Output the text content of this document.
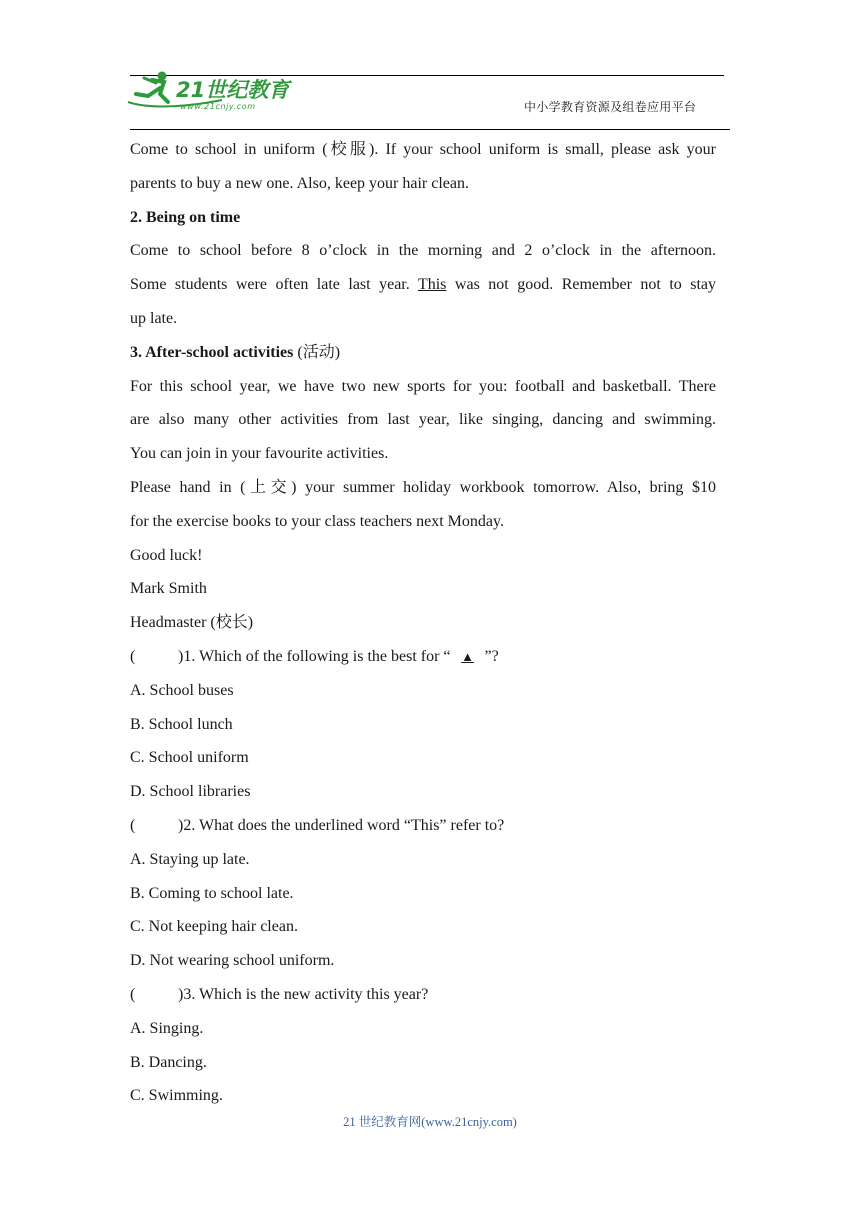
21世纪教育
www.21cnjy.com	中小学教育资源及组卷应用平台
Come to school in uniform (校服). If your school uniform is small, please ask your
parents to buy a new one. Also, keep your hair clean.
2. Being on time
Come to school before 8 o’clock in the morning and 2 o’clock in the afternoon.
Some students were often late last year. This was not good. Remember not to stay
up late.
3. After-school activities (活动)
For this school year, we have two new sports for you: football and basketball. There
are also many other activities from last year, like singing, dancing and swimming.
You can join in your favourite activities.
Please hand in (上交) your summer holiday workbook tomorrow. Also, bring $10
for the exercise books to your class teachers next Monday.
Good luck!
Mark Smith
Headmaster (校长)
(	)1. Which of the following is the best for “ ▲ ”?
A. School buses
B. School lunch
C. School uniform
D. School libraries
(	)2. What does the underlined word “This” refer to?
A. Staying up late.
B. Coming to school late.
C. Not keeping hair clean.
D. Not wearing school uniform.
(	)3. Which is the new activity this year?
A. Singing.
B. Dancing.
C. Swimming.
21 世纪教育网(www.21cnjy.com)
